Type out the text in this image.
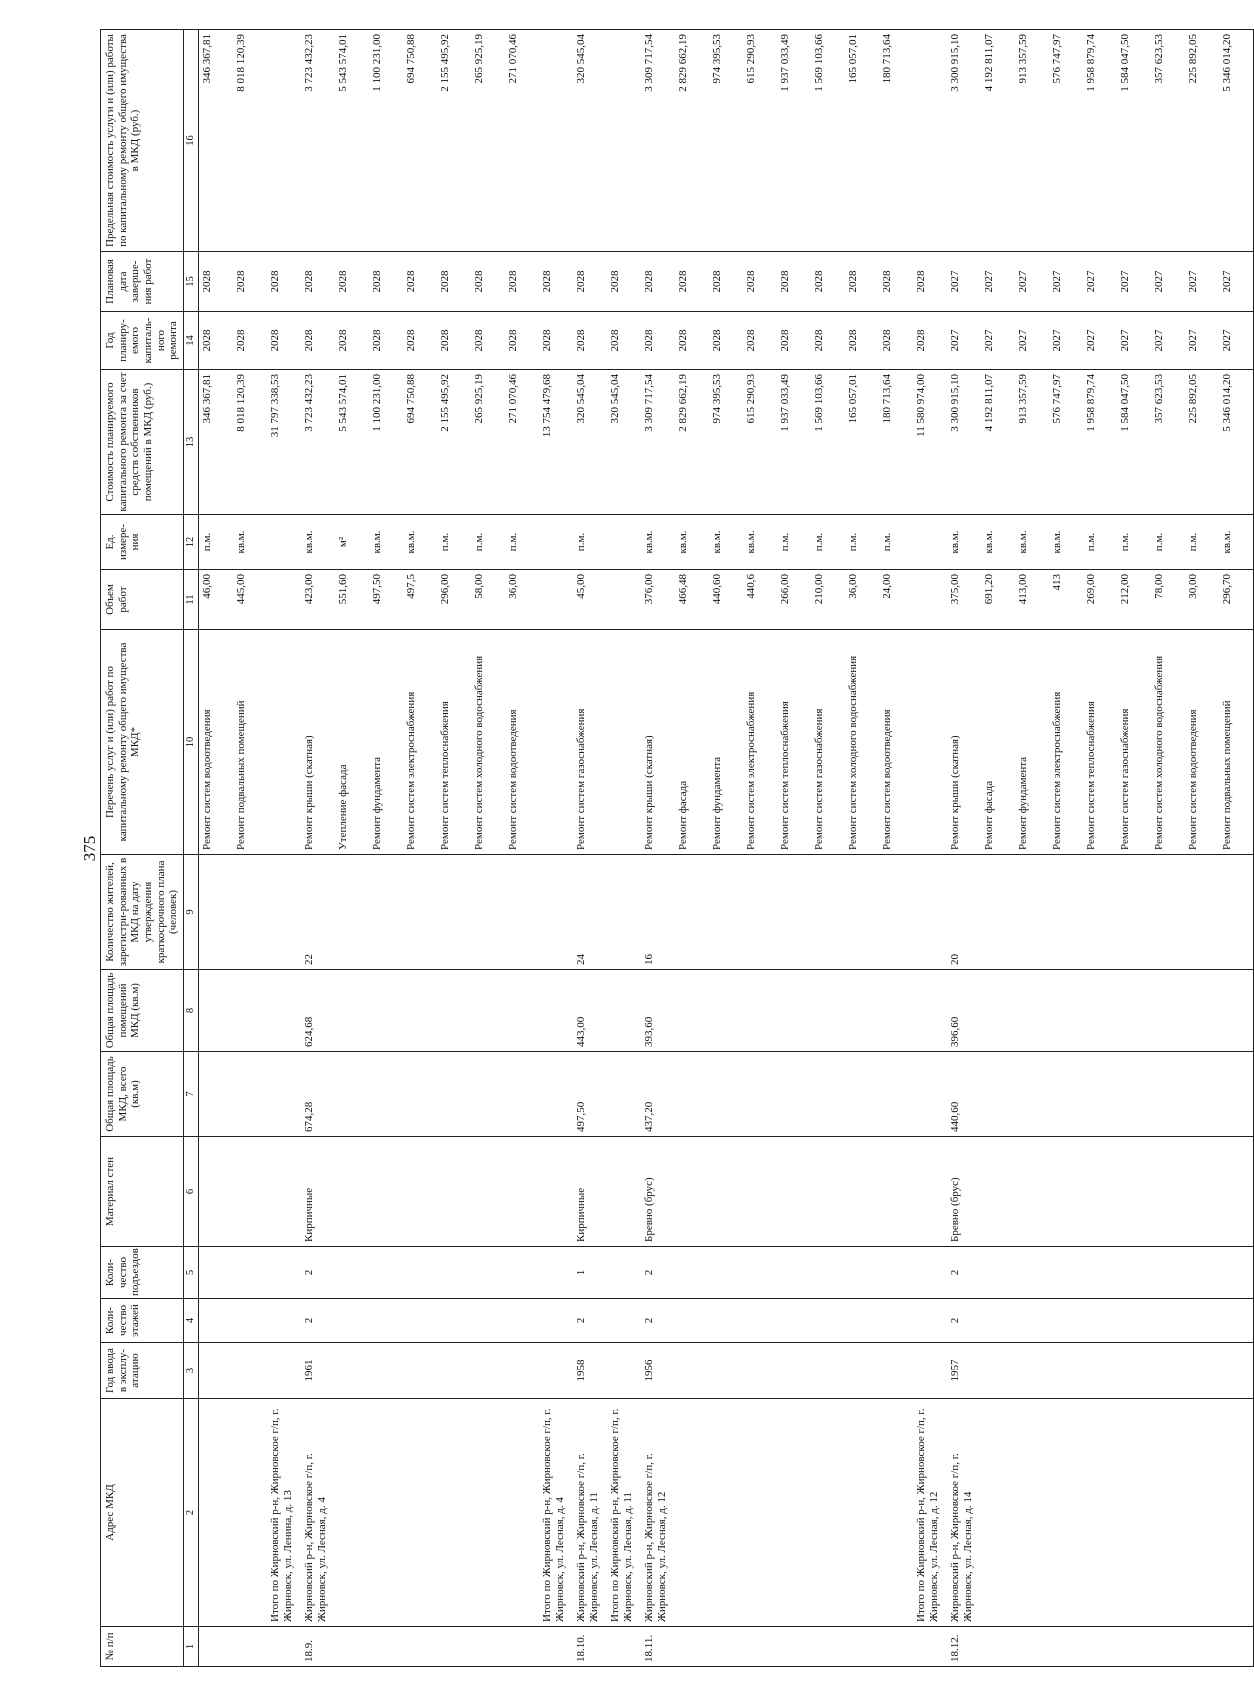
375
№ п/п	Адрес МКД	Год ввода в эксплу-атацию	Коли-чество этажей	Коли-чество подъездов	Материал стен	Общая площадь МКД, всего (кв.м)	Общая площадь помещений МКД (кв.м)	Количество жителей, зарегистри-рованных в МКД на дату утверждения краткосрочного плана (человек)	Перечень услуг и (или) работ по капитальному ремонту общего имущества МКД*	Объем работ	Ед. измере-ния	Стоимость планируемого капитального ремонта за счет средств собственников помещений в МКД (руб.)	Год планиру-емого капиталь-ного ремонта	Плановая дата заверше-ния работ	Предельная стоимость услуги и (или) работы по капитальному ремонту общего имущества в МКД (руб.)
1	2	3	4	5	6	7	8	9	10	11	12	13	14	15	16
									Ремонт систем водоотведения	46,00	п.м.	346 367,81	2028	2028	346 367,81
									Ремонт подвальных помещений	445,00	кв.м.	8 018 120,39	2028	2028	8 018 120,39
	Итого по Жирновский р-н, Жирновское г/п, г. Жирновск, ул. Ленина, д. 13											31 797 338,53	2028	2028	
18.9.	Жирновский р-н, Жирновское г/п, г. Жирновск, ул. Лесная, д. 4	1961	2	2	Кирпичные	674,28	624,68	22	Ремонт крыши (скатная)	423,00	кв.м.	3 723 432,23	2028	2028	3 723 432,23
									Утепление фасада	551,60	м²	5 543 574,01	2028	2028	5 543 574,01
									Ремонт фундамента	497,50	кв.м.	1 100 231,00	2028	2028	1 100 231,00
									Ремонт систем электроснабжения	497,5	кв.м.	694 750,88	2028	2028	694 750,88
									Ремонт систем теплоснабжения	296,00	п.м.	2 155 495,92	2028	2028	2 155 495,92
									Ремонт систем холодного водоснабжения	58,00	п.м.	265 925,19	2028	2028	265 925,19
									Ремонт систем водоотведения	36,00	п.м.	271 070,46	2028	2028	271 070,46
	Итого по Жирновский р-н, Жирновское г/п, г. Жирновск, ул. Лесная, д. 4											13 754 479,68	2028	2028	
18.10.	Жирновский р-н, Жирновское г/п, г. Жирновск, ул. Лесная, д. 11	1958	2	1	Кирпичные	497,50	443,00	24	Ремонт систем газоснабжения	45,00	п.м.	320 545,04	2028	2028	320 545,04
	Итого по Жирновский р-н, Жирновское г/п, г. Жирновск, ул. Лесная, д. 11											320 545,04	2028	2028	
18.11.	Жирновский р-н, Жирновское г/п, г. Жирновск, ул. Лесная, д. 12	1956	2	2	Бревно (брус)	437,20	393,60	16	Ремонт крыши (скатная)	376,00	кв.м.	3 309 717,54	2028	2028	3 309 717,54
									Ремонт фасада	466,48	кв.м.	2 829 662,19	2028	2028	2 829 662,19
									Ремонт фундамента	440,60	кв.м.	974 395,53	2028	2028	974 395,53
									Ремонт систем электроснабжения	440,6	кв.м.	615 290,93	2028	2028	615 290,93
									Ремонт систем теплоснабжения	266,00	п.м.	1 937 033,49	2028	2028	1 937 033,49
									Ремонт систем газоснабжения	210,00	п.м.	1 569 103,66	2028	2028	1 569 103,66
									Ремонт систем холодного водоснабжения	36,00	п.м.	165 057,01	2028	2028	165 057,01
									Ремонт систем водоотведения	24,00	п.м.	180 713,64	2028	2028	180 713,64
	Итого по Жирновский р-н, Жирновское г/п, г. Жирновск, ул. Лесная, д. 12											11 580 974,00	2028	2028	
18.12.	Жирновский р-н, Жирновское г/п, г. Жирновск, ул. Лесная, д. 14	1957	2	2	Бревно (брус)	440,60	396,60	20	Ремонт крыши (скатная)	375,00	кв.м.	3 300 915,10	2027	2027	3 300 915,10
									Ремонт фасада	691,20	кв.м.	4 192 811,07	2027	2027	4 192 811,07
									Ремонт фундамента	413,00	кв.м.	913 357,59	2027	2027	913 357,59
									Ремонт систем электроснабжения	413	кв.м.	576 747,97	2027	2027	576 747,97
									Ремонт систем теплоснабжения	269,00	п.м.	1 958 879,74	2027	2027	1 958 879,74
									Ремонт систем газоснабжения	212,00	п.м.	1 584 047,50	2027	2027	1 584 047,50
									Ремонт систем холодного водоснабжения	78,00	п.м.	357 623,53	2027	2027	357 623,53
									Ремонт систем водоотведения	30,00	п.м.	225 892,05	2027	2027	225 892,05
									Ремонт подвальных помещений	296,70	кв.м.	5 346 014,20	2027	2027	5 346 014,20
